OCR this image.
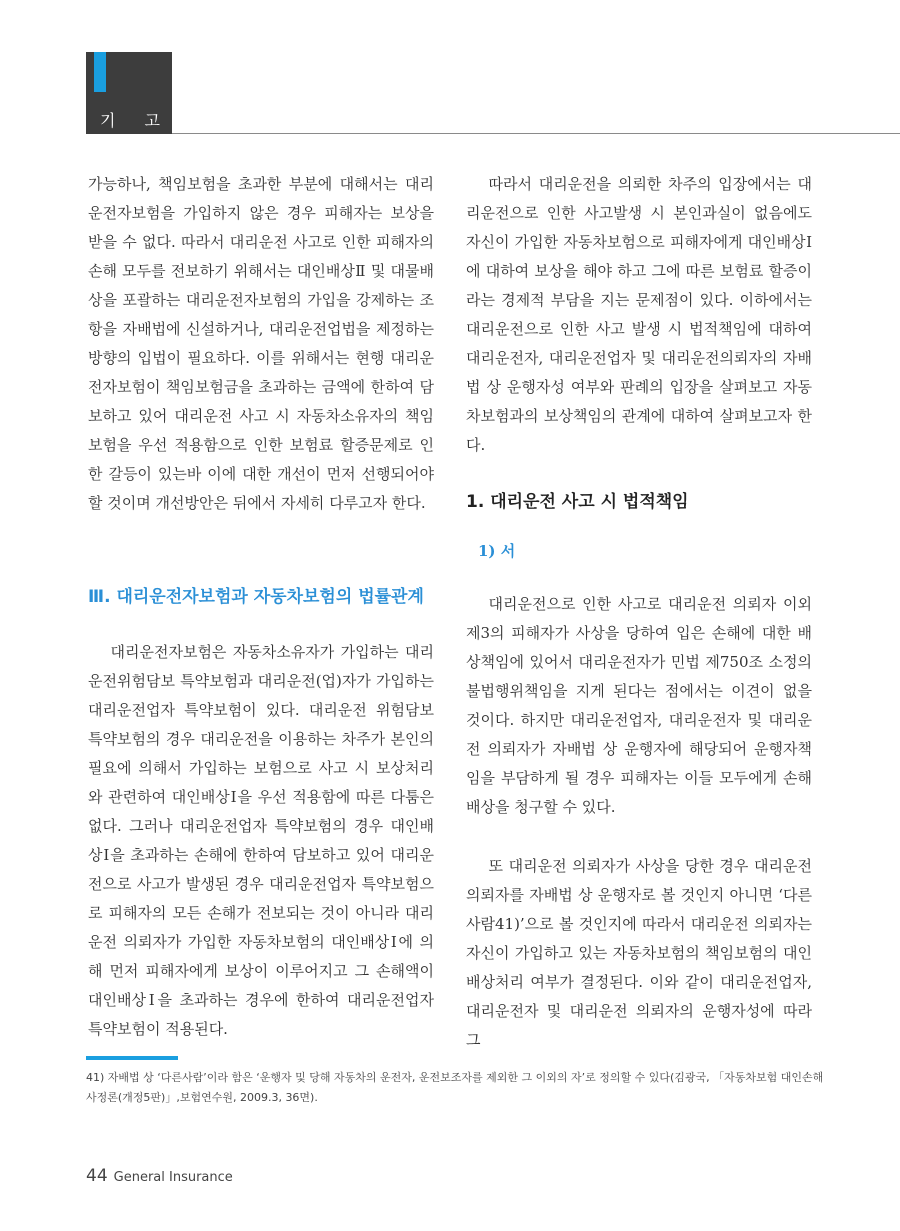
기 고

가능하나, 책임보험을 초과한 부분에 대해서는 대리운전자보험을 가입하지 않은 경우 피해자는 보상을 받을 수 없다. 따라서 대리운전 사고로 인한 피해자의 손해 모두를 전보하기 위해서는 대인배상Ⅱ 및 대물배상을 포괄하는 대리운전자보험의 가입을 강제하는 조항을 자배법에 신설하거나, 대리운전업법을 제정하는 방향의 입법이 필요하다. 이를 위해서는 현행 대리운전자보험이 책임보험금을 초과하는 금액에 한하여 담보하고 있어 대리운전 사고 시 자동차소유자의 책임보험을 우선 적용함으로 인한 보험료 할증문제로 인한 갈등이 있는바 이에 대한 개선이 먼저 선행되어야 할 것이며 개선방안은 뒤에서 자세히 다루고자 한다.

Ⅲ. 대리운전자보험과 자동차보험의 법률관계

대리운전자보험은 자동차소유자가 가입하는 대리운전위험담보 특약보험과 대리운전(업)자가 가입하는 대리운전업자 특약보험이 있다. 대리운전 위험담보 특약보험의 경우 대리운전을 이용하는 차주가 본인의 필요에 의해서 가입하는 보험으로 사고 시 보상처리와 관련하여 대인배상Ⅰ을 우선 적용함에 따른 다툼은 없다. 그러나 대리운전업자 특약보험의 경우 대인배상Ⅰ을 초과하는 손해에 한하여 담보하고 있어 대리운전으로 사고가 발생된 경우 대리운전업자 특약보험으로 피해자의 모든 손해가 전보되는 것이 아니라 대리운전 의뢰자가 가입한 자동차보험의 대인배상Ⅰ에 의해 먼저 피해자에게 보상이 이루어지고 그 손해액이 대인배상Ⅰ을 초과하는 경우에 한하여 대리운전업자 특약보험이 적용된다.

따라서 대리운전을 의뢰한 차주의 입장에서는 대리운전으로 인한 사고발생 시 본인과실이 없음에도 자신이 가입한 자동차보험으로 피해자에게 대인배상Ⅰ에 대하여 보상을 해야 하고 그에 따른 보험료 할증이라는 경제적 부담을 지는 문제점이 있다. 이하에서는 대리운전으로 인한 사고 발생 시 법적책임에 대하여 대리운전자, 대리운전업자 및 대리운전의뢰자의 자배법 상 운행자성 여부와 판례의 입장을 살펴보고 자동차보험과의 보상책임의 관계에 대하여 살펴보고자 한다.

1. 대리운전 사고 시 법적책임
1) 서

대리운전으로 인한 사고로 대리운전 의뢰자 이외 제3의 피해자가 사상을 당하여 입은 손해에 대한 배상책임에 있어서 대리운전자가 민법 제750조 소정의 불법행위책임을 지게 된다는 점에서는 이견이 없을 것이다. 하지만 대리운전업자, 대리운전자 및 대리운전 의뢰자가 자배법 상 운행자에 해당되어 운행자책임을 부담하게 될 경우 피해자는 이들 모두에게 손해배상을 청구할 수 있다.

또 대리운전 의뢰자가 사상을 당한 경우 대리운전 의뢰자를 자배법 상 운행자로 볼 것인지 아니면 ‘다른 사람41)’으로 볼 것인지에 따라서 대리운전 의뢰자는 자신이 가입하고 있는 자동차보험의 책임보험의 대인배상처리 여부가 결정된다. 이와 같이 대리운전업자, 대리운전자 및 대리운전 의뢰자의 운행자성에 따라 그

41) 자배법 상 ‘다른사람’이라 함은 ‘운행자 및 당해 자동차의 운전자, 운전보조자를 제외한 그 이외의 자’로 정의할 수 있다(김광국, 「자동차보험 대인손해사정론(개정5판)」,보험연수원, 2009.3, 36면).
44 General Insurance
